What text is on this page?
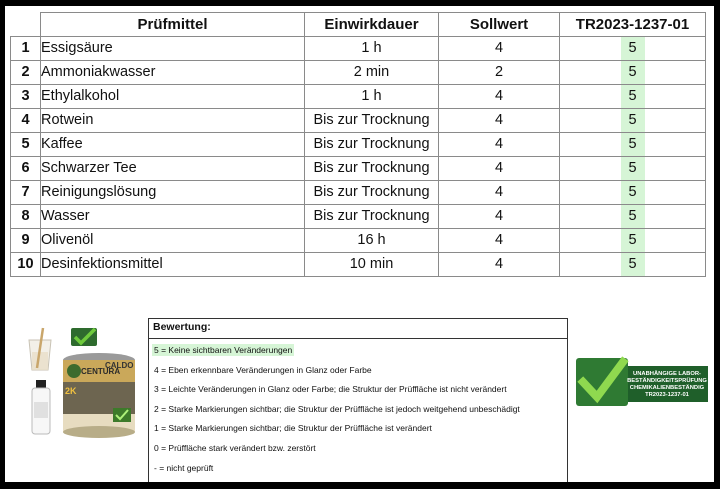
	Prüfmittel	Einwirkdauer	Sollwert	TR2023-1237-01
1	Essigsäure	1 h	4	5
2	Ammoniakwasser	2 min	2	5
3	Ethylalkohol	1 h	4	5
4	Rotwein	Bis zur Trocknung	4	5
5	Kaffee	Bis zur Trocknung	4	5
6	Schwarzer Tee	Bis zur Trocknung	4	5
7	Reinigungslösung	Bis zur Trocknung	4	5
8	Wasser	Bis zur Trocknung	4	5
9	Olivenöl	16 h	4	5
10	Desinfektionsmittel	10 min	4	5
CENTURA
2K
CALDO
Bewertung:
5 = Keine sichtbaren Veränderungen
4 = Eben erkennbare Veränderungen in Glanz oder Farbe
3 = Leichte Veränderungen in Glanz oder Farbe; die Struktur der Prüffläche ist nicht verändert
2 = Starke Markierungen sichtbar; die Struktur der Prüffläche ist jedoch weitgehend unbeschädigt
1 = Starke Markierungen sichtbar; die Struktur der Prüffläche ist verändert
0 = Prüffläche stark verändert bzw. zerstört
- = nicht geprüft
UNABHÄNGIGE LABOR-
BESTÄNDIGKEITSPRÜFUNG
CHEMIKALIENBESTÄNDIG
TR2023-1237-01
